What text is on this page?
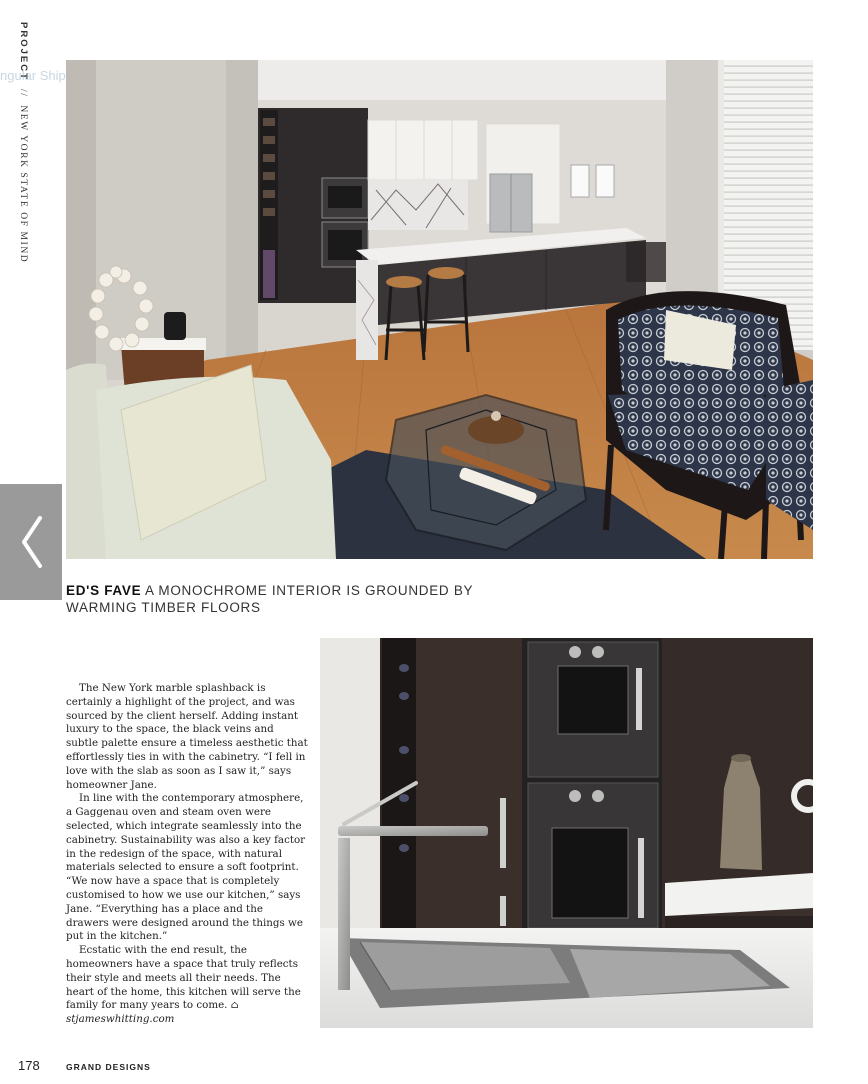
PROJECT // NEW YORK STATE OF MIND
ngular Ship
ED'S FAVE A MONOCHROME INTERIOR IS GROUNDED BY WARMING TIMBER FLOORS

The New York marble splashback is certainly a highlight of the project, and was sourced by the client herself. Adding instant luxury to the space, the black veins and subtle palette ensure a timeless aesthetic that effortlessly ties in with the cabinetry. “I fell in love with the slab as soon as I saw it,” says homeowner Jane.

In line with the contemporary atmosphere, a Gaggenau oven and steam oven were selected, which integrate seamlessly into the cabinetry. Sustainability was also a key factor in the redesign of the space, with natural materials selected to ensure a soft footprint. “We now have a space that is completely customised to how we use our kitchen,” says Jane. “Everything has a place and the drawers were designed around the things we put in the kitchen.”

Ecstatic with the end result, the homeowners have a space that truly reflects their style and meets all their needs. The heart of the home, this kitchen will serve the family for many years to come. ⌂

stjameswhitting.com
178	GRAND DESIGNS
